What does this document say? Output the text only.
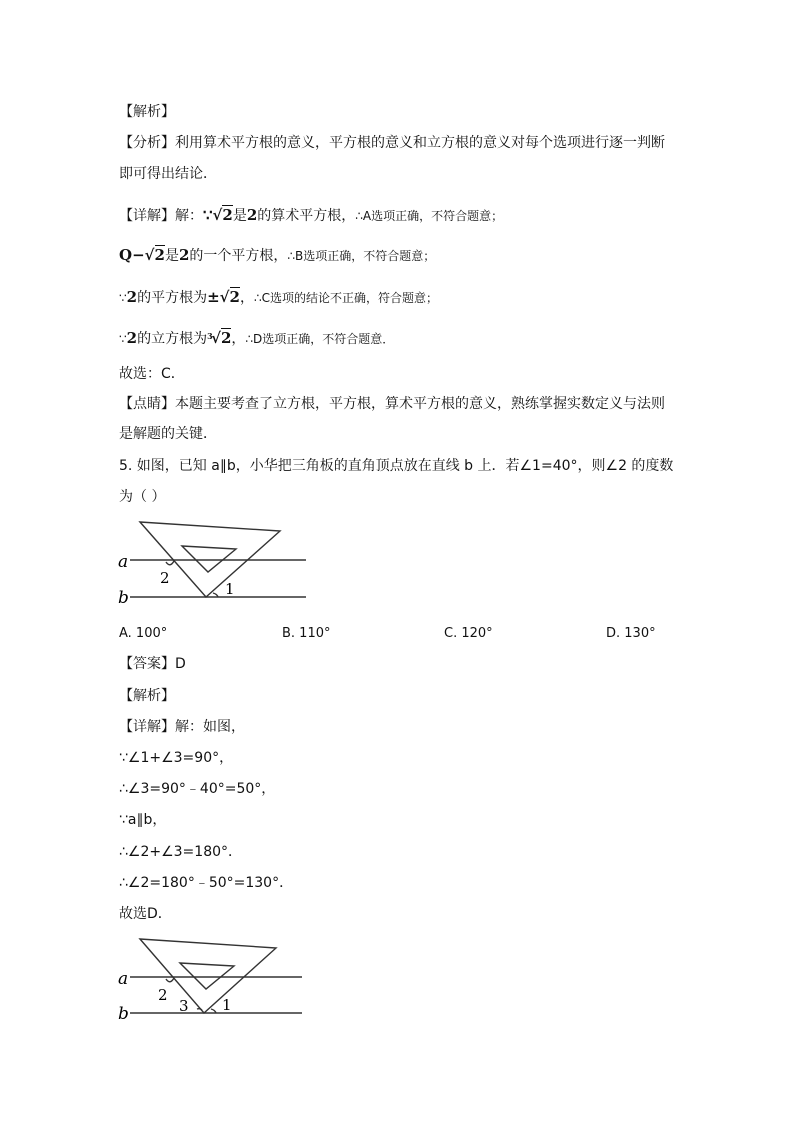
【解析】
【分析】利用算术平方根的意义，平方根的意义和立方根的意义对每个选项进行逐一判断
即可得出结论．
【详解】解：∵√2是2的算术平方根，∴A选项正确，不符合题意；
Q−√2是2的一个平方根，∴B选项正确，不符合题意；
∵2的平方根为±√2，∴C选项的结论不正确，符合题意；
∵2的立方根为 3
√2，∴D选项正确，不符合题意．
故选：C．
【点睛】本题主要考查了立方根，平方根，算术平方根的意义，熟练掌握实数定义与法则
是解题的关键．
5. 如图，已知 a∥b，小华把三角板的直角顶点放在直线 b 上．若∠1=40°，则∠2 的度数
为（ ）
a
b
2
1
A. 100°	B. 110°	C. 120°	D. 130°
【答案】D
【解析】
【详解】解：如图，
∵∠1+∠3=90°，
∴∠3=90°﹣40°=50°，
∵a∥b，
∴∠2+∠3=180°．
∴∠2=180°﹣50°=130°．
故选D．
a
b
2
3 1
